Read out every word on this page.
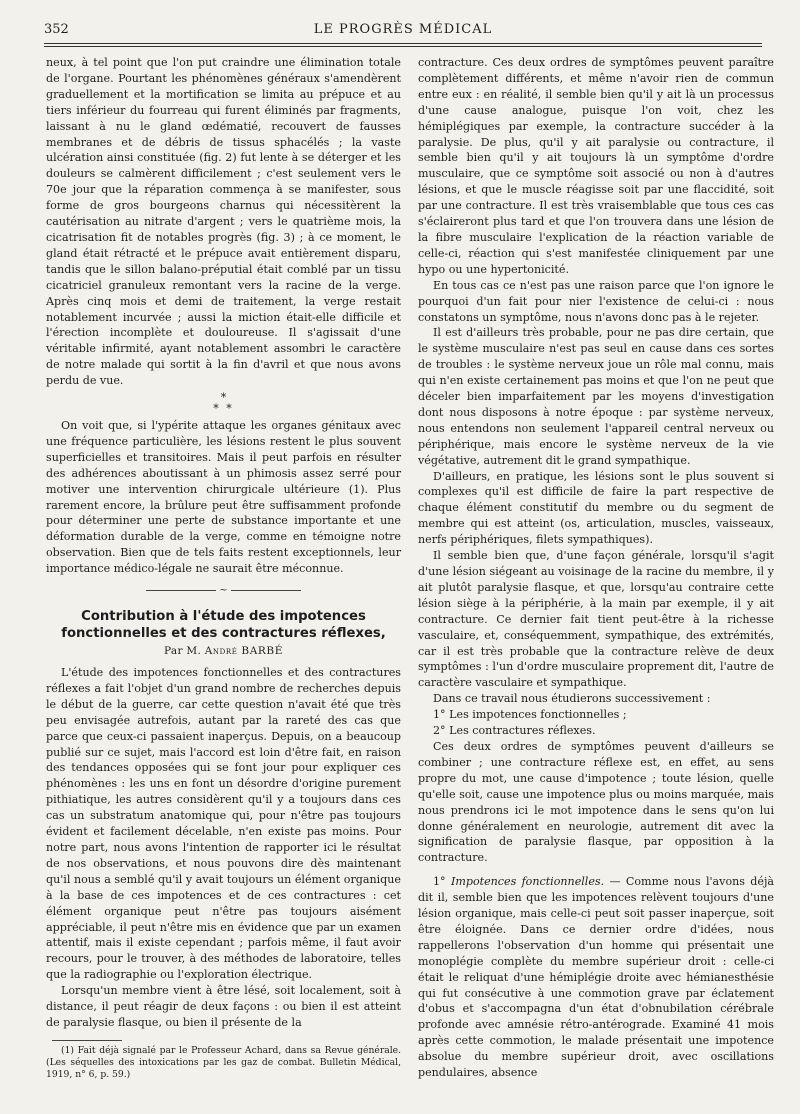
352	LE PROGRÈS MÉDICAL

neux, à tel point que l'on put craindre une élimination totale de l'organe. Pourtant les phénomènes généraux s'amendèrent graduellement et la mortification se limita au prépuce et au tiers inférieur du fourreau qui furent éliminés par fragments, laissant à nu le gland œdématié, recouvert de fausses membranes et de débris de tissus sphacélés ; la vaste ulcération ainsi constituée (fig. 2) fut lente à se déterger et les douleurs se calmèrent difficilement ; c'est seulement vers le 70e jour que la réparation commença à se manifester, sous forme de gros bourgeons charnus qui nécessitèrent la cautérisation au nitrate d'argent ; vers le quatrième mois, la cicatrisation fit de notables progrès (fig. 3) ; à ce moment, le gland était rétracté et le prépuce avait entièrement disparu, tandis que le sillon balano-préputial était comblé par un tissu cicatriciel granuleux remontant vers la racine de la verge. Après cinq mois et demi de traitement, la verge restait notablement incurvée ; aussi la miction était-elle difficile et l'érection incomplète et douloureuse. Il s'agissait d'une véritable infirmité, ayant notablement assombri le caractère de notre malade qui sortit à la fin d'avril et que nous avons perdu de vue.

*
* *

On voit que, si l'ypérite attaque les organes génitaux avec une fréquence particulière, les lésions restent le plus souvent superficielles et transitoires. Mais il peut parfois en résulter des adhérences aboutissant à un phimosis assez serré pour motiver une intervention chirurgicale ultérieure (1). Plus rarement encore, la brûlure peut être suffisamment profonde pour déterminer une perte de substance importante et une déformation durable de la verge, comme en témoigne notre observation. Bien que de tels faits restent exceptionnels, leur importance médico-légale ne saurait être méconnue.

~
Contribution à l'étude des impotences fonctionnelles et des contractures réflexes,
Par M. André BARBÉ

L'étude des impotences fonctionnelles et des contractures réflexes a fait l'objet d'un grand nombre de recherches depuis le début de la guerre, car cette question n'avait été que très peu envisagée autrefois, autant par la rareté des cas que parce que ceux-ci passaient inaperçus. Depuis, on a beaucoup publié sur ce sujet, mais l'accord est loin d'être fait, en raison des tendances opposées qui se font jour pour expliquer ces phénomènes : les uns en font un désordre d'origine purement pithiatique, les autres considèrent qu'il y a toujours dans ces cas un substratum anatomique qui, pour n'être pas toujours évident et facilement décelable, n'en existe pas moins. Pour notre part, nous avons l'intention de rapporter ici le résultat de nos observations, et nous pouvons dire dès maintenant qu'il nous a semblé qu'il y avait toujours un élément organique à la base de ces impotences et de ces contractures : cet élément organique peut n'être pas toujours aisément appréciable, il peut n'être mis en évidence que par un examen attentif, mais il existe cependant ; parfois même, il faut avoir recours, pour le trouver, à des méthodes de laboratoire, telles que la radiographie ou l'exploration électrique.

Lorsqu'un membre vient à être lésé, soit localement, soit à distance, il peut réagir de deux façons : ou bien il est atteint de paralysie flasque, ou bien il présente de la

(1) Fait déjà signalé par le Professeur Achard, dans sa Revue générale. (Les séquelles des intoxications par les gaz de combat. Bulletin Médical, 1919, n° 6, p. 59.)

contracture. Ces deux ordres de symptômes peuvent paraître complètement différents, et même n'avoir rien de commun entre eux : en réalité, il semble bien qu'il y ait là un processus d'une cause analogue, puisque l'on voit, chez les hémiplégiques par exemple, la contracture succéder à la paralysie. De plus, qu'il y ait paralysie ou contracture, il semble bien qu'il y ait toujours là un symptôme d'ordre musculaire, que ce symptôme soit associé ou non à d'autres lésions, et que le muscle réagisse soit par une flaccidité, soit par une contracture. Il est très vraisemblable que tous ces cas s'éclaireront plus tard et que l'on trouvera dans une lésion de la fibre musculaire l'explication de la réaction variable de celle-ci, réaction qui s'est manifestée cliniquement par une hypo ou une hypertonicité.

En tous cas ce n'est pas une raison parce que l'on ignore le pourquoi d'un fait pour nier l'existence de celui-ci : nous constatons un symptôme, nous n'avons donc pas à le rejeter.

Il est d'ailleurs très probable, pour ne pas dire certain, que le système musculaire n'est pas seul en cause dans ces sortes de troubles : le système nerveux joue un rôle mal connu, mais qui n'en existe certainement pas moins et que l'on ne peut que déceler bien imparfaitement par les moyens d'investigation dont nous disposons à notre époque : par système nerveux, nous entendons non seulement l'appareil central nerveux ou périphérique, mais encore le système nerveux de la vie végétative, autrement dit le grand sympathique.

D'ailleurs, en pratique, les lésions sont le plus souvent si complexes qu'il est difficile de faire la part respective de chaque élément constitutif du membre ou du segment de membre qui est atteint (os, articulation, muscles, vaisseaux, nerfs périphériques, filets sympathiques).

Il semble bien que, d'une façon générale, lorsqu'il s'agit d'une lésion siégeant au voisinage de la racine du membre, il y ait plutôt paralysie flasque, et que, lorsqu'au contraire cette lésion siège à la périphérie, à la main par exemple, il y ait contracture. Ce dernier fait tient peut-être à la richesse vasculaire, et, conséquemment, sympathique, des extrémités, car il est très probable que la contracture relève de deux symptômes : l'un d'ordre musculaire proprement dit, l'autre de caractère vasculaire et sympathique.

Dans ce travail nous étudierons successivement :

1° Les impotences fonctionnelles ;

2° Les contractures réflexes.

Ces deux ordres de symptômes peuvent d'ailleurs se combiner ; une contracture réflexe est, en effet, au sens propre du mot, une cause d'impotence ; toute lésion, quelle qu'elle soit, cause une impotence plus ou moins marquée, mais nous prendrons ici le mot impotence dans le sens qu'on lui donne généralement en neurologie, autrement dit avec la signification de paralysie flasque, par opposition à la contracture.

1° Impotences fonctionnelles. — Comme nous l'avons déjà dit il, semble bien que les impotences relèvent toujours d'une lésion organique, mais celle-ci peut soit passer inaperçue, soit être éloignée. Dans ce dernier ordre d'idées, nous rappellerons l'observation d'un homme qui présentait une monoplégie complète du membre supérieur droit : celle-ci était le reliquat d'une hémiplégie droite avec hémianesthésie qui fut consécutive à une commotion grave par éclatement d'obus et s'accompagna d'un état d'obnubilation cérébrale profonde avec amnésie rétro-antérograde. Examiné 41 mois après cette commotion, le malade présentait une impotence absolue du membre supérieur droit, avec oscillations pendulaires, absence
